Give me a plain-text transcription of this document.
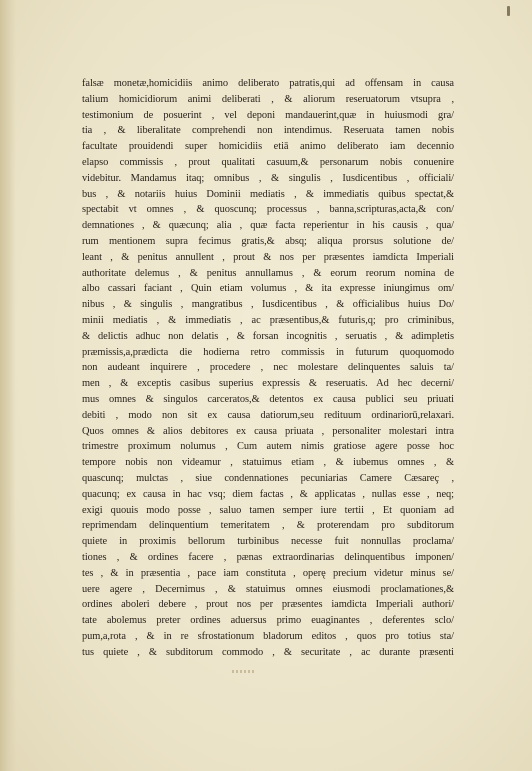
falsæ monetæ,homicidiis animo deliberato patratis,qui ad offensam in causa
talium homicidiorum animi deliberati , & aliorum reseruatorum vtsupra ,
testimonium de posuerint , vel deponi mandauerint,quæ in huiusmodi gra/
tia , & liberalitate comprehendi non intendimus. Reseruata tamen nobis
facultate prouidendi super homicidiis etiā animo deliberato iam decennio
elapso commissis , prout qualitati casuum,& personarum nobis conuenire
videbitur. Mandamus itaq; omnibus , & singulis , Iusdicentibus , officiali/
bus , & notariis huius Dominii mediatis , & immediatis quibus spectat,&
spectabit vt omnes , & quoscunq; processus , banna,scripturas,acta,& con/
demnationes , & quæcunq; alia , quæ facta reperientur in his causis , qua/
rum mentionem supra fecimus gratis,& absq; aliqua prorsus solutione de/
leant , & penitus annullent , prout & nos per præsentes iamdicta Imperiali
authoritate delemus , & penitus annullamus , & eorum reorum nomina de
albo cassari faciant , Quin etiam volumus , & ita expresse iniungimus om/
nibus , & singulis , mangratibus , Iusdicentibus , & officialibus huius Do/
minii mediatis , & immediatis , ac præsentibus,& futuris,q; pro criminibus,
& delictis adhuc non delatis , & forsan incognitis , seruatis , & adimpletis
præmissis,a,prædicta die hodierna retro commissis in futurum quoquomodo
non audeant inquirere , procedere , nec molestare delinquentes saluis ta/
men , & exceptis casibus superius expressis & reseruatis. Ad hec decerni/
mus omnes & singulos carceratos,& detentos ex causa publici seu priuati
debiti , modo non sit ex causa datiorum,seu redituum ordinariorū,relaxari.
Quos omnes & alios debitores ex causa priuata , personaliter molestari intra
trimestre proximum nolumus , Cum autem nimis gratiose agere posse hoc
tempore nobis non videamur , statuimus etiam , & iubemus omnes , &
quascunq; mulctas , siue condennationes pecuniarias Camere Cæsareç ,
quacunq; ex causa in hac vsq; diem factas , & applicatas , nullas esse , neq;
exigi quouis modo posse , saluo tamen semper iure tertii , Et quoniam ad
reprimendam delinquentium temeritatem , & proterendam pro subditorum
quiete in proximis bellorum turbinibus necesse fuit nonnullas proclama/
tiones , & ordines facere , pænas extraordinarias delinquentibus imponen/
tes , & in præsentia , pace iam constituta , operę precium videtur minus se/
uere agere , Decernimus , & statuimus omnes eiusmodi proclamationes,&
ordines aboleri debere , prout nos per præsentes iamdicta Imperiali authori/
tate abolemus preter ordines aduersus primo euaginantes , deferentes sclo/
pum,a,rota , & in re sfrostationum bladorum editos , quos pro totius sta/
tus quiete , & subditorum commodo , & securitate , ac durante præsenti
